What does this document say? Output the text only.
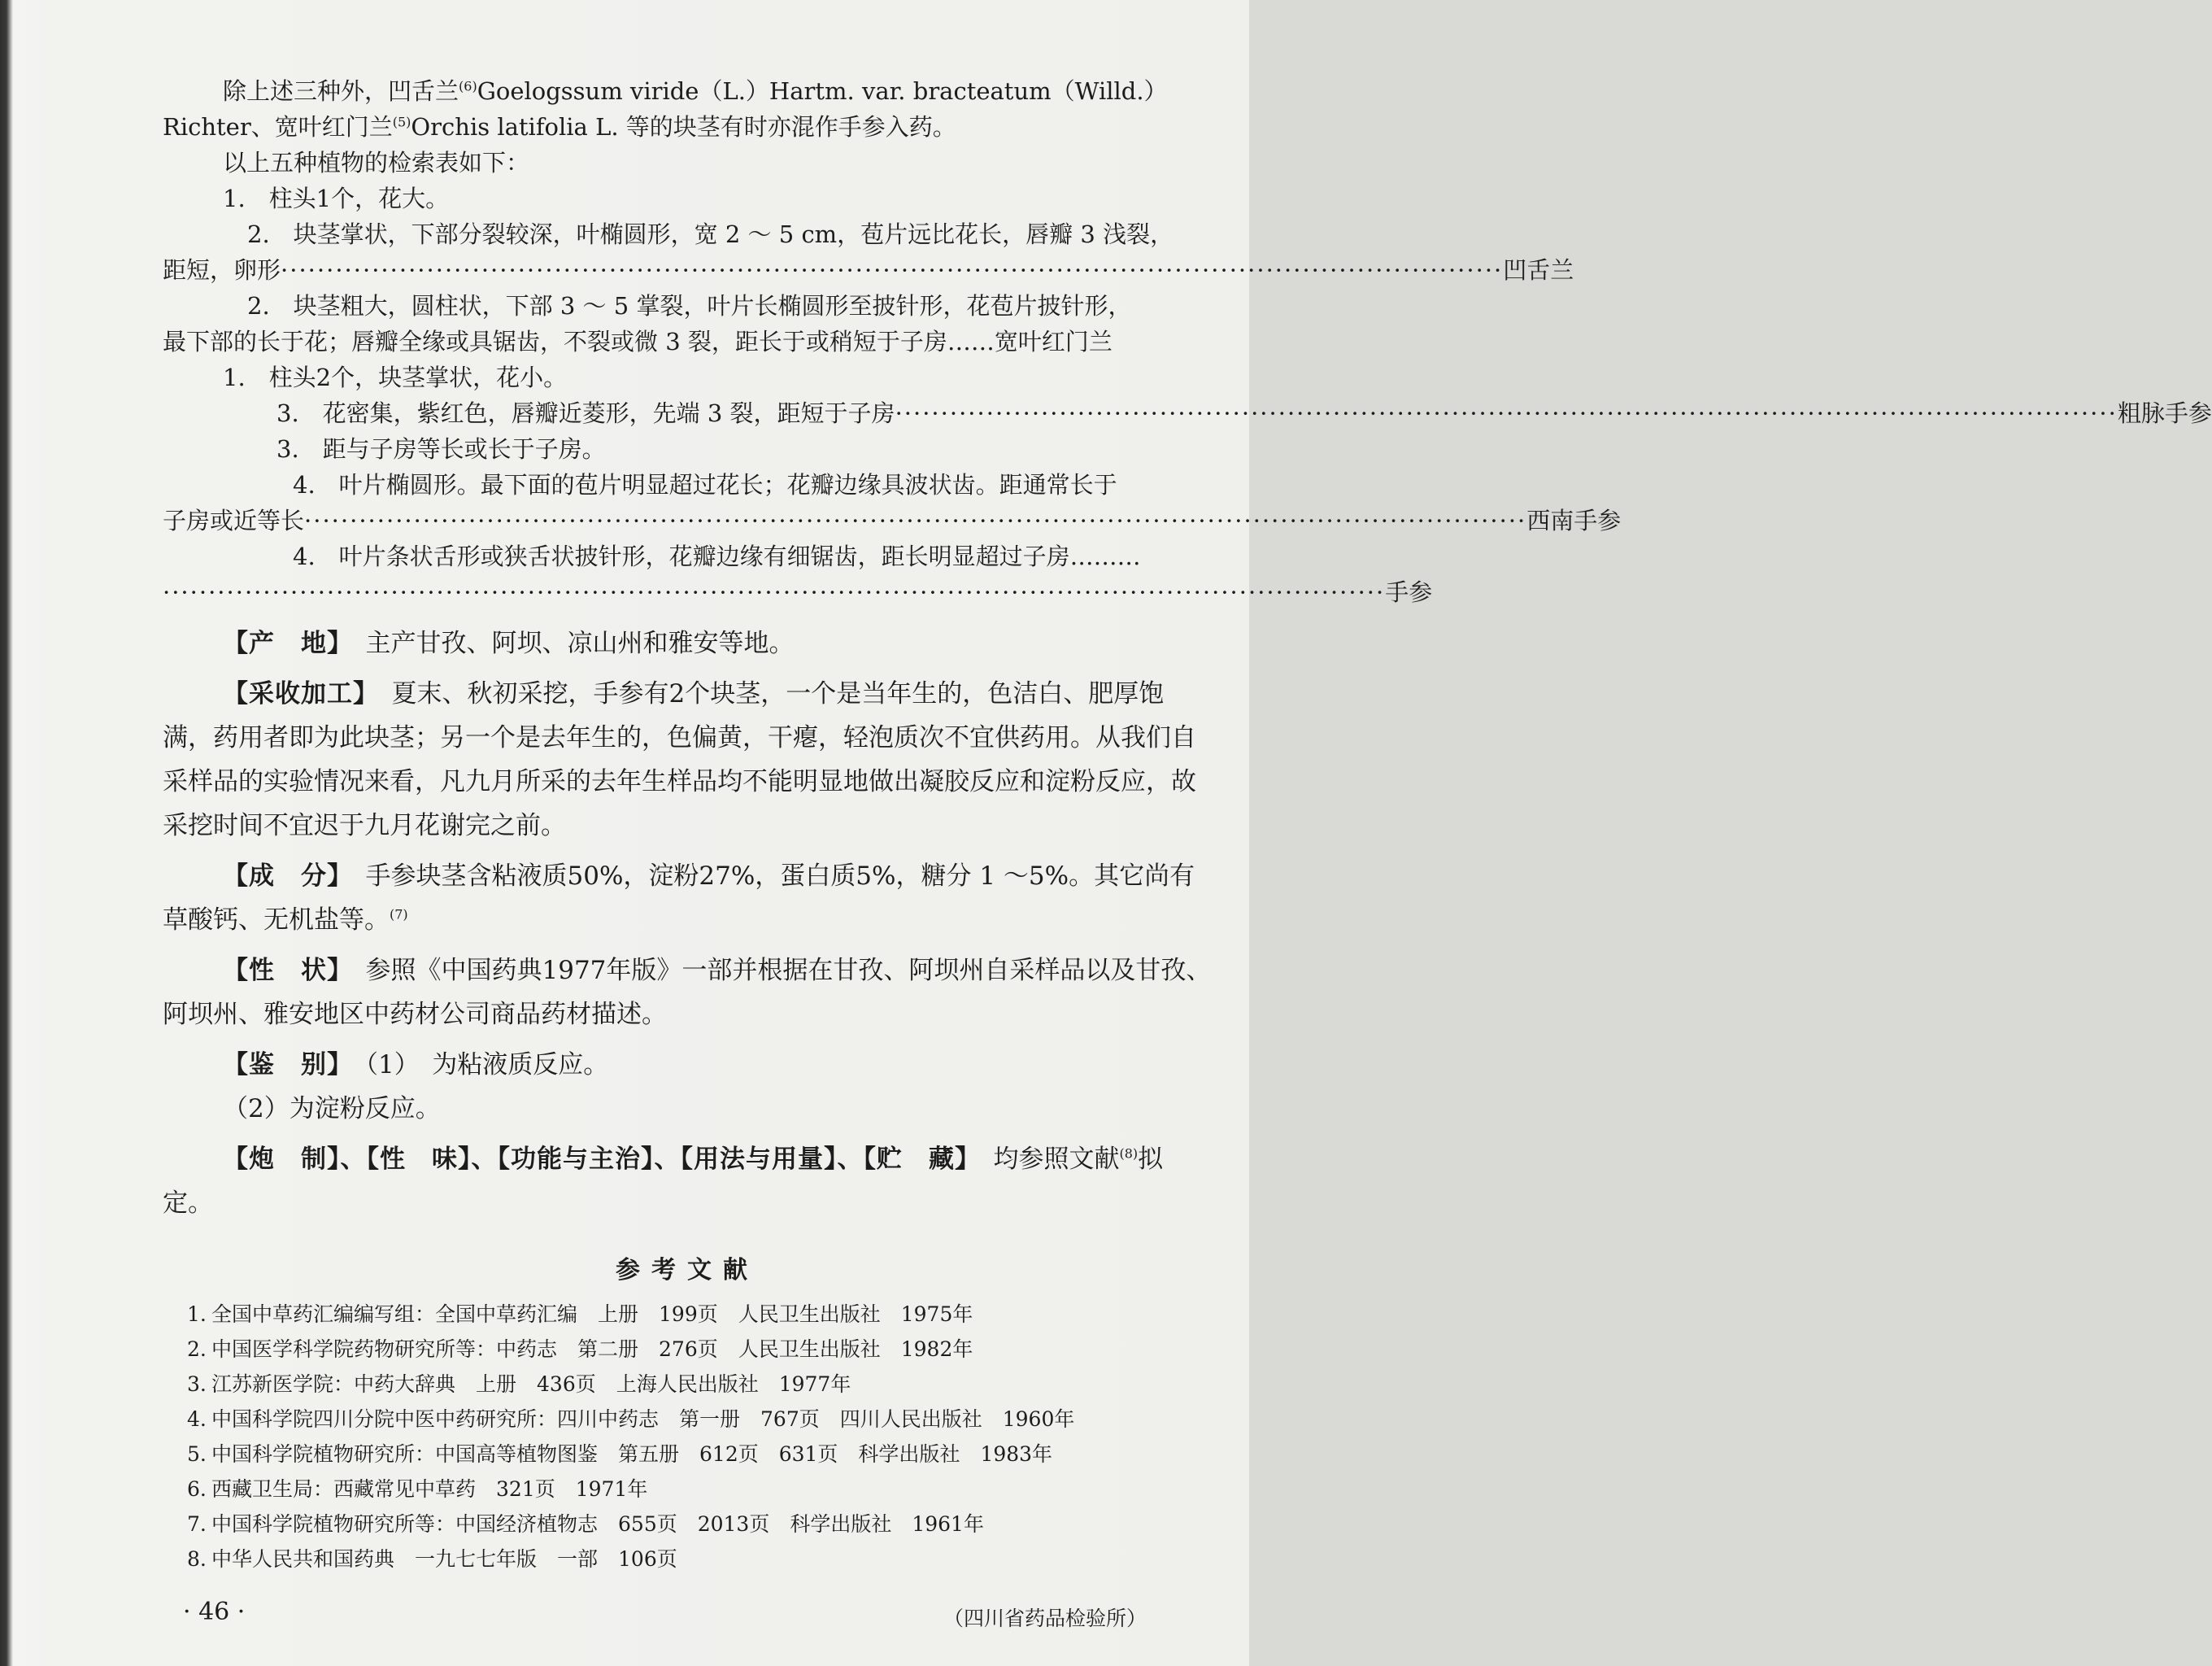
除上述三种外，凹舌兰$^{(6)}$Goelogssum viride（L.）Hartm. var. bracteatum（Willd.）
Richter、宽叶红门兰$^{(5)}$Orchis latifolia L. 等的块茎有时亦混作手参入药。
以上五种植物的检索表如下：
1.　柱头1个，花大。
2.　块茎掌状，下部分裂较深，叶椭圆形，宽 2 ～ 5 cm，苞片远比花长，唇瓣 3 浅裂，
距短，卵形 ·····	凹舌兰
2.　块茎粗大，圆柱状，下部 3 ～ 5 掌裂，叶片长椭圆形至披针形，花苞片披针形，
最下部的长于花；唇瓣全缘或具锯齿，不裂或微 3 裂，距长于或稍短于子房……宽叶红门兰
1.　柱头2个，块茎掌状，花小。
3.　花密集，紫红色，唇瓣近菱形，先端 3 裂，距短于子房 ·····	粗脉手参
3.　距与子房等长或长于子房。
4.　叶片椭圆形。最下面的苞片明显超过花长；花瓣边缘具波状齿。距通常长于
子房或近等长 ·····	西南手参
4.　叶片条状舌形或狭舌状披针形，花瓣边缘有细锯齿，距长明显超过子房………
·····
手参
【产　地】　 主产甘孜、阿坝、凉山州和雅安等地。
【采收加工】　 夏末、秋初采挖，手参有2个块茎，一个是当年生的，色洁白、肥厚饱满，药用者即为此块茎；另一个是去年生的，色偏黄，干瘪，轻泡质次不宜供药用。从我们自采样品的实验情况来看，凡九月所采的去年生样品均不能明显地做出凝胶反应和淀粉反应，故采挖时间不宜迟于九月花谢完之前。
【成　分】　 手参块茎含粘液质50%，淀粉27%，蛋白质5%，糖分 1 ～5%。其它尚有草酸钙、无机盐等。$^{(7)}$
【性　状】　 参照《中国药典1977年版》一部并根据在甘孜、阿坝州自采样品以及甘孜、阿坝州、雅安地区中药材公司商品药材描述。
【鉴　别】　 （1）　为粘液质反应。
（2）为淀粉反应。
【炮　制】、【性　味】、【功能与主治】、【用法与用量】、【贮　藏】　 均参照文献$^{(8)}$拟定。
参考文献
1. 全国中草药汇编编写组：全国中草药汇编　上册　199页　人民卫生出版社　1975年
2. 中国医学科学院药物研究所等：中药志　第二册　276页　人民卫生出版社　1982年
3. 江苏新医学院：中药大辞典　上册　436页　上海人民出版社　1977年
4. 中国科学院四川分院中医中药研究所：四川中药志　第一册　767页　四川人民出版社　1960年
5. 中国科学院植物研究所：中国高等植物图鉴　第五册　612页　631页　科学出版社　1983年
6. 西藏卫生局：西藏常见中草药　321页　1971年
7. 中国科学院植物研究所等：中国经济植物志　655页　2013页　科学出版社　1961年
8. 中华人民共和国药典　一九七七年版　一部　106页
（四川省药品检验所）
· 46 ·
